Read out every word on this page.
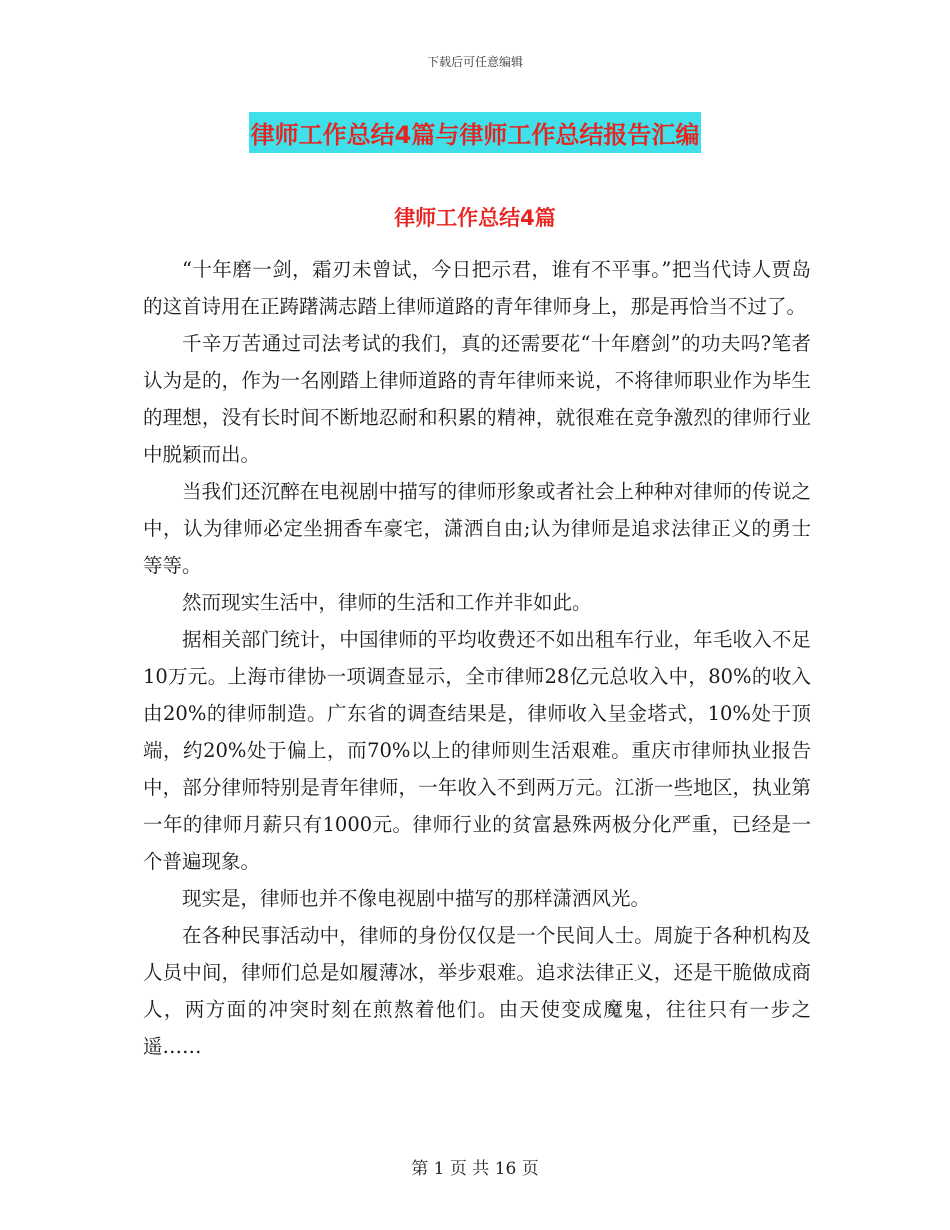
下载后可任意编辑
律师工作总结4篇与律师工作总结报告汇编
律师工作总结4篇

“十年磨一剑，霜刃未曾试，今日把示君，谁有不平事。”把当代诗人贾岛的这首诗用在正踌躇满志踏上律师道路的青年律师身上，那是再恰当不过了。

千辛万苦通过司法考试的我们，真的还需要花“十年磨剑”的功夫吗?笔者认为是的，作为一名刚踏上律师道路的青年律师来说，不将律师职业作为毕生的理想，没有长时间不断地忍耐和积累的精神，就很难在竞争激烈的律师行业中脱颖而出。

当我们还沉醉在电视剧中描写的律师形象或者社会上种种对律师的传说之中，认为律师必定坐拥香车豪宅，潇洒自由;认为律师是追求法律正义的勇士等等。

然而现实生活中，律师的生活和工作并非如此。

据相关部门统计，中国律师的平均收费还不如出租车行业，年毛收入不足10万元。上海市律协一项调查显示，全市律师28亿元总收入中，80%的收入由20%的律师制造。广东省的调查结果是，律师收入呈金塔式，10%处于顶端，约20%处于偏上，而70%以上的律师则生活艰难。重庆市律师执业报告中，部分律师特别是青年律师，一年收入不到两万元。江浙一些地区，执业第一年的律师月薪只有1000元。律师行业的贫富悬殊两极分化严重，已经是一个普遍现象。

现实是，律师也并不像电视剧中描写的那样潇洒风光。

在各种民事活动中，律师的身份仅仅是一个民间人士。周旋于各种机构及人员中间，律师们总是如履薄冰，举步艰难。追求法律正义，还是干脆做成商人，两方面的冲突时刻在煎熬着他们。由天使变成魔鬼，往往只有一步之遥……

第 1 页 共 16 页
